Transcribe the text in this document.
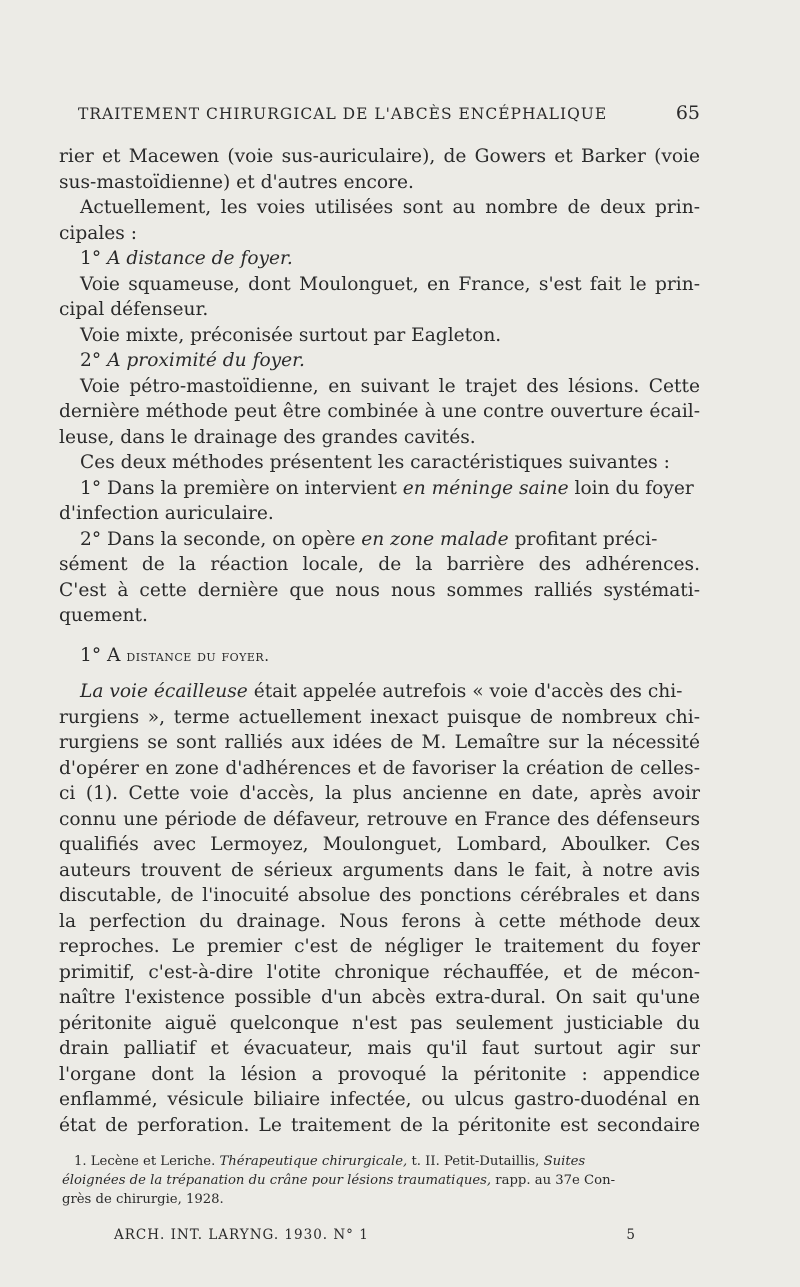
TRAITEMENT CHIRURGICAL DE L'ABCÈS ENCÉPHALIQUE	65
rier et Macewen (voie sus-auriculaire), de Gowers et Barker (voie
sus-mastoïdienne) et d'autres encore.
Actuellement, les voies utilisées sont au nombre de deux prin-
cipales :
1° A distance de foyer.
Voie squameuse, dont Moulonguet, en France, s'est fait le prin-
cipal défenseur.
Voie mixte, préconisée surtout par Eagleton.
2° A proximité du foyer.
Voie pétro-mastoïdienne, en suivant le trajet des lésions. Cette
dernière méthode peut être combinée à une contre ouverture écail-
leuse, dans le drainage des grandes cavités.
Ces deux méthodes présentent les caractéristiques suivantes :
1° Dans la première on intervient en méninge saine loin du foyer
d'infection auriculaire.
2° Dans la seconde, on opère en zone malade profitant préci-
sément de la réaction locale, de la barrière des adhérences.
C'est à cette dernière que nous nous sommes ralliés systémati-
quement.
1° A distance du foyer.
La voie écailleuse était appelée autrefois « voie d'accès des chi-
rurgiens », terme actuellement inexact puisque de nombreux chi-
rurgiens se sont ralliés aux idées de M. Lemaître sur la nécessité
d'opérer en zone d'adhérences et de favoriser la création de celles-
ci (1). Cette voie d'accès, la plus ancienne en date, après avoir
connu une période de défaveur, retrouve en France des défenseurs
qualifiés avec Lermoyez, Moulonguet, Lombard, Aboulker. Ces
auteurs trouvent de sérieux arguments dans le fait, à notre avis
discutable, de l'inocuité absolue des ponctions cérébrales et dans
la perfection du drainage. Nous ferons à cette méthode deux
reproches. Le premier c'est de négliger le traitement du foyer
primitif, c'est-à-dire l'otite chronique réchauffée, et de mécon-
naître l'existence possible d'un abcès extra-dural. On sait qu'une
péritonite aiguë quelconque n'est pas seulement justiciable du
drain palliatif et évacuateur, mais qu'il faut surtout agir sur
l'organe dont la lésion a provoqué la péritonite : appendice
enflammé, vésicule biliaire infectée, ou ulcus gastro-duodénal en
état de perforation. Le traitement de la péritonite est secondaire
1. Lecène et Leriche. Thérapeutique chirurgicale, t. II. Petit-Dutaillis, Suites
éloignées de la trépanation du crâne pour lésions traumatiques, rapp. au 37e Con-
grès de chirurgie, 1928.
ARCH. INT. LARYNG. 1930. N° 1	5
